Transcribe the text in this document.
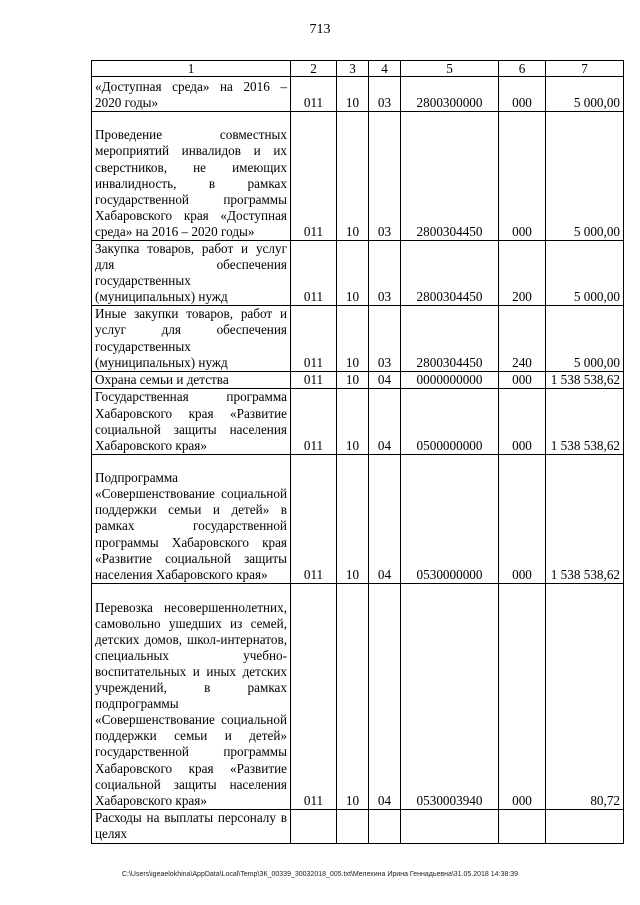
713
1	2	3	4	5	6	7
«Доступная среда» на 2016 – 2020 годы»	011	10	03	2800300000	000	5 000,00
Проведение совместных мероприятий инвалидов и их сверстников, не имеющих инвалидность, в рамках государственной программы Хабаровского края «Доступная среда» на 2016 – 2020 годы»	011	10	03	2800304450	000	5 000,00
Закупка товаров, работ и услуг для обеспечения государственных (муниципальных) нужд	011	10	03	2800304450	200	5 000,00
Иные закупки товаров, работ и услуг для обеспечения государственных (муниципальных) нужд	011	10	03	2800304450	240	5 000,00
Охрана семьи и детства	011	10	04	0000000000	000	1 538 538,62
Государственная программа Хабаровского края «Развитие социальной защиты населения Хабаровского края»	011	10	04	0500000000	000	1 538 538,62
Подпрограмма «Совершенствование социальной поддержки семьи и детей» в рамках государственной программы Хабаровского края «Развитие социальной защиты населения Хабаровского края»	011	10	04	0530000000	000	1 538 538,62
Перевозка несовершеннолетних, самовольно ушедших из семей, детских домов, школ-интернатов, специальных учебно-воспитательных и иных детских учреждений, в рамках подпрограммы «Совершенствование социальной поддержки семьи и детей» государственной программы Хабаровского края «Развитие социальной защиты населения Хабаровского края»	011	10	04	0530003940	000	80,72
Расходы на выплаты персоналу в целях						
C:\Users\igeaelokhina\AppData\Local\Temp\ЗК_00339_30032018_005.txt\Мелехина Ирина Геннадьевна\31.05.2018 14:38:39
